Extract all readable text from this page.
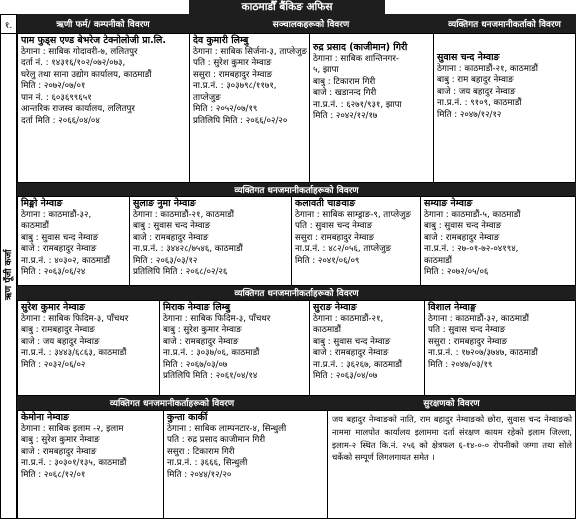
काठमाडौँ बैंकिङ अफिस
१.
ऋण पूँजी कर्जा
ऋणी फर्म/ कम्पनीको विवरण	सञ्चालकहरूको विवरण	व्यक्तिगत धनजमानीकर्ताको विवरण
पाम फुड्स एण्ड बेभरेज टेक्नोलोजी प्रा.लि.
ठेगाना : साबिक गोदावरी-७, ललितपुर
दर्ता नं. : १४३१६/१०२/०७२/०७३,
घरेलु तथा साना उद्योग कार्यालय, काठमाडौं
मिति : २०७२/०७/०१
पान नं. : ६०३६९९६५१
आन्तरिक राजस्व कार्यालय, ललितपुर
दर्ता मिति : २०६६/०४/०४
देव कुमारी लिम्बु
ठेगाना : साबिक सिर्जना-३, ताप्लेजुङ
पति : सुरेश कुमार नेम्वाङ
ससुरा : रामबहादुर नेम्वाङ
ना.प्र.नं. : ३०३७९८/११७१,
ताप्लेजुङ
मिति : २०५२/०७/१९
प्रतिलिपि मिति : २०६६/०२/२०
रुद्र प्रसाद (काजीमान) गिरी
ठेगाना : साबिक शान्तिनगर-
५, झापा
बाबु : टिकाराम गिरी
बाजे : खडानन्द गिरी
ना.प्र.नं. : ६२७१/९३१, झापा
मिति : २०४२/१२/१७
सुवास चन्द नेम्वाङ
ठेगाना : काठमाडौं-२१, काठमाडौं
बाबु : राम बहादुर नेम्वाङ
बाजे : जय बहादुर नेम्वाङ
ना.प्र.नं. : ९१०९, काठमाडौं
मिति : २०४७/१२/१२
व्यक्तिगत धनजमानीकर्ताहरूको विवरण
मिङ्मो नेम्वाङ
ठेगाना : काठमाडौं-३२,
काठमाडौं
बाबु : सुवास चन्द नेम्वाङ
बाजे : रामबहादुर नेम्वाङ
ना.प्र.नं. : ४०३०२, काठमाडौं
मिति : २०६३/०६/२४
सुलाङ नुमा नेम्वाङ
ठेगाना : काठमाडौं-२१, काठमाडौं
बाबु : सुवास चन्द नेम्वाङ
बाजे : रामबहादुर नेम्वाङ
ना.प्र.नं. : ३४४२८/७५४६, काठमाडौं
मिति : २०६३/०३/१२
प्रतिलिपि मिति : २०६८/०२/२६
कलावती चाङवाङ
ठेगाना : साबिक साम्ड्राङ-९, ताप्लेजुङ
पति : सुवास चन्द नेम्वाङ
ससुरा : रामबहादुर नेम्वाङ
ना.प्र.नं. : ४८२/०५६, ताप्लेजुङ
मिति : २०४१/०६/०९
सम्याङ नेम्वाङ
ठेगाना : काठमाडौं-५, काठमाडौं
बाबु : सुवास चन्द नेम्वाङ
बाजे : रामबहादुर नेम्वाङ
ना.प्र.नं. : २७-०१-७२-०४१९४,
काठमाडौं
मिति : २०७२/०५/०६
व्यक्तिगत धनजमानीकर्ताहरूको विवरण
सुरेश कुमार नेम्वाङ
ठेगाना : साबिक फिदिम-३, पाँचथर
बाबु : रामबहादुर नेम्वाङ
बाजे : जय बहादुर नेम्वाङ
ना.प्र.नं. : ३४४३/६८६३, काठमाडौं
मिति : २०३२/०६/०२
मिराक नेम्वाङ लिम्बु
ठेगाना : साबिक फिदिम-३, पाँचथर
बाबु : सुरेश कुमार नेम्वाङ
बाजे : रामबहादुर नेम्वाङ
ना.प्र.नं. : ३०३७/०६, काठमाडौं
मिति : २०६७/०३/०७
प्रतिलिपि मिति : २०६१/०४/१४
सुराङ नेम्वाङ
ठेगाना : काठमाडौं-२१,
काठमाडौं
बाबु : सुवास चन्द नेम्वाङ
बाजे : रामबहादुर नेम्वाङ
ना.प्र.नं. : ३६२६७, काठमाडौं
मिति : २०६३/०४/०७
विशाल नेम्वाङ्ग
ठेगाना : काठमाडौं-३२, काठमाडौं
पति : सुवास चन्द नेम्वाङ
ससुरा : रामबहादुर नेम्वाङ
ना.प्र.नं. : १७२०७/३७४७, काठमाडौं
मिति : २०४७/०३/१९
व्यक्तिगत धनजमानीकर्ताहरूको विवरण	सुरक्षणको विवरण
केमोना नेम्वाङ
ठेगाना : साबिक इलाम -२, इलाम
बाबु : सुरेश कुमार नेम्वाङ
बाजे : रामबहादुर नेम्वाङ
ना.प्र.नं. : ३०३०१/१३५, काठमाडौं
मिति : २०६८/१२/०१
कुन्ता कार्की
ठेगाना : साबिक लाम्पनटार-४, सिन्धुली
पति : रुद्र प्रसाद काजीमान गिरी
ससुरा : टिकाराम गिरी
ना.प्र.नं. : ३६६६, सिन्धुली
मिति : २०४४/१२/२०
जय बहादुर नेम्वाङको नाति, राम बहादुर नेम्वाङको छोरा, सुवास चन्द नेम्वाङको नाममा मालपोत कार्यालय इलाममा दर्ता संरक्षण कायम रहेको इलाम जिल्ला, इलाम-२ स्थित कि.नं. २५६ को क्षेत्रफल ६-१४-०-० रोपनीको जग्गा तथा सोले चर्केको सम्पूर्ण लिगलगायत समेत ।
